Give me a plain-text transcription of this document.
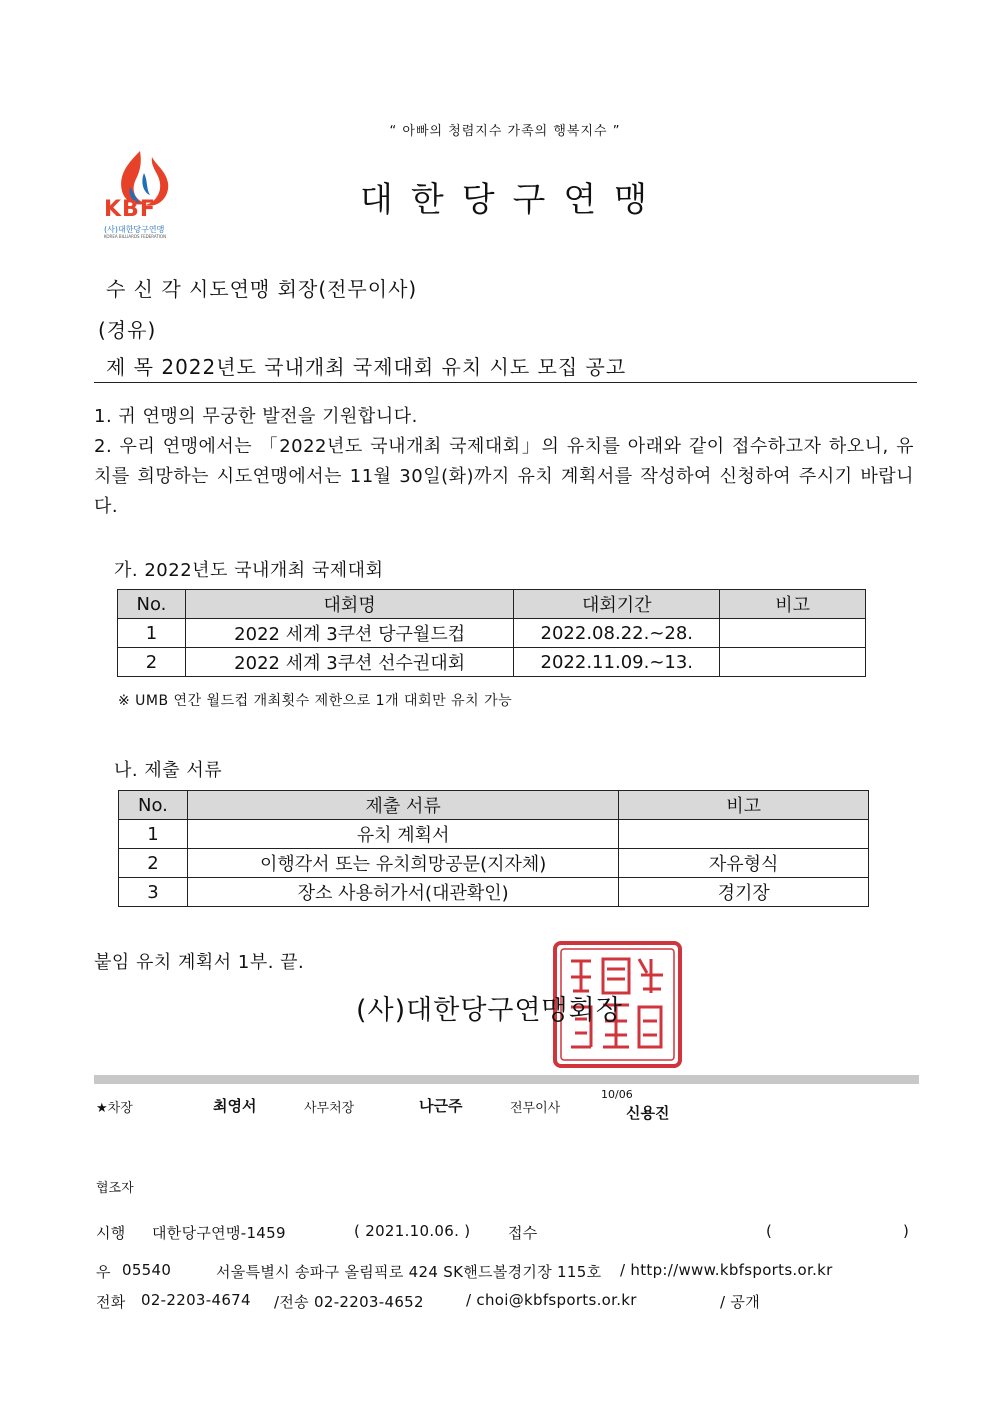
“ 아빠의 청렴지수 가족의 행복지수 ”
KBF
(사)대한당구연맹
KOREA BILLIARDS FEDERATION
대한당구연맹
수 신 각 시도연맹 회장(전무이사)
(경유)
제 목 2022년도 국내개최 국제대회 유치 시도 모집 공고
1. 귀 연맹의 무궁한 발전을 기원합니다.
2. 우리 연맹에서는 「2022년도 국내개최 국제대회」의 유치를 아래와 같이 접수하고자 하오니, 유치를 희망하는 시도연맹에서는 11월 30일(화)까지 유치 계획서를 작성하여 신청하여 주시기 바랍니다.
가. 2022년도 국내개최 국제대회
No.	대회명	대회기간	비고
1	2022 세계 3쿠션 당구월드컵	2022.08.22.~28.	
2	2022 세계 3쿠션 선수권대회	2022.11.09.~13.	
※ UMB 연간 월드컵 개최횟수 제한으로 1개 대회만 유치 가능
나. 제출 서류
No.	제출 서류	비고
1	유치 계획서	
2	이행각서 또는 유치희망공문(지자체)	자유형식
3	장소 사용허가서(대관확인)	경기장
붙임 유치 계획서 1부. 끝.
(사)대한당구연맹회장
★차장	최영서	사무처장	나근주	전무이사
10/06
신용진
협조자
시행 대한당구연맹-1459	( 2021.10.06. )	접수	(	)
우 05540	서울특별시 송파구 올림픽로 424 SK핸드볼경기장 115호 / http://www.kbfsports.or.kr
전화 02-2203-4674 /전송 02-2203-4652	/ choi@kbfsports.or.kr	/ 공개
